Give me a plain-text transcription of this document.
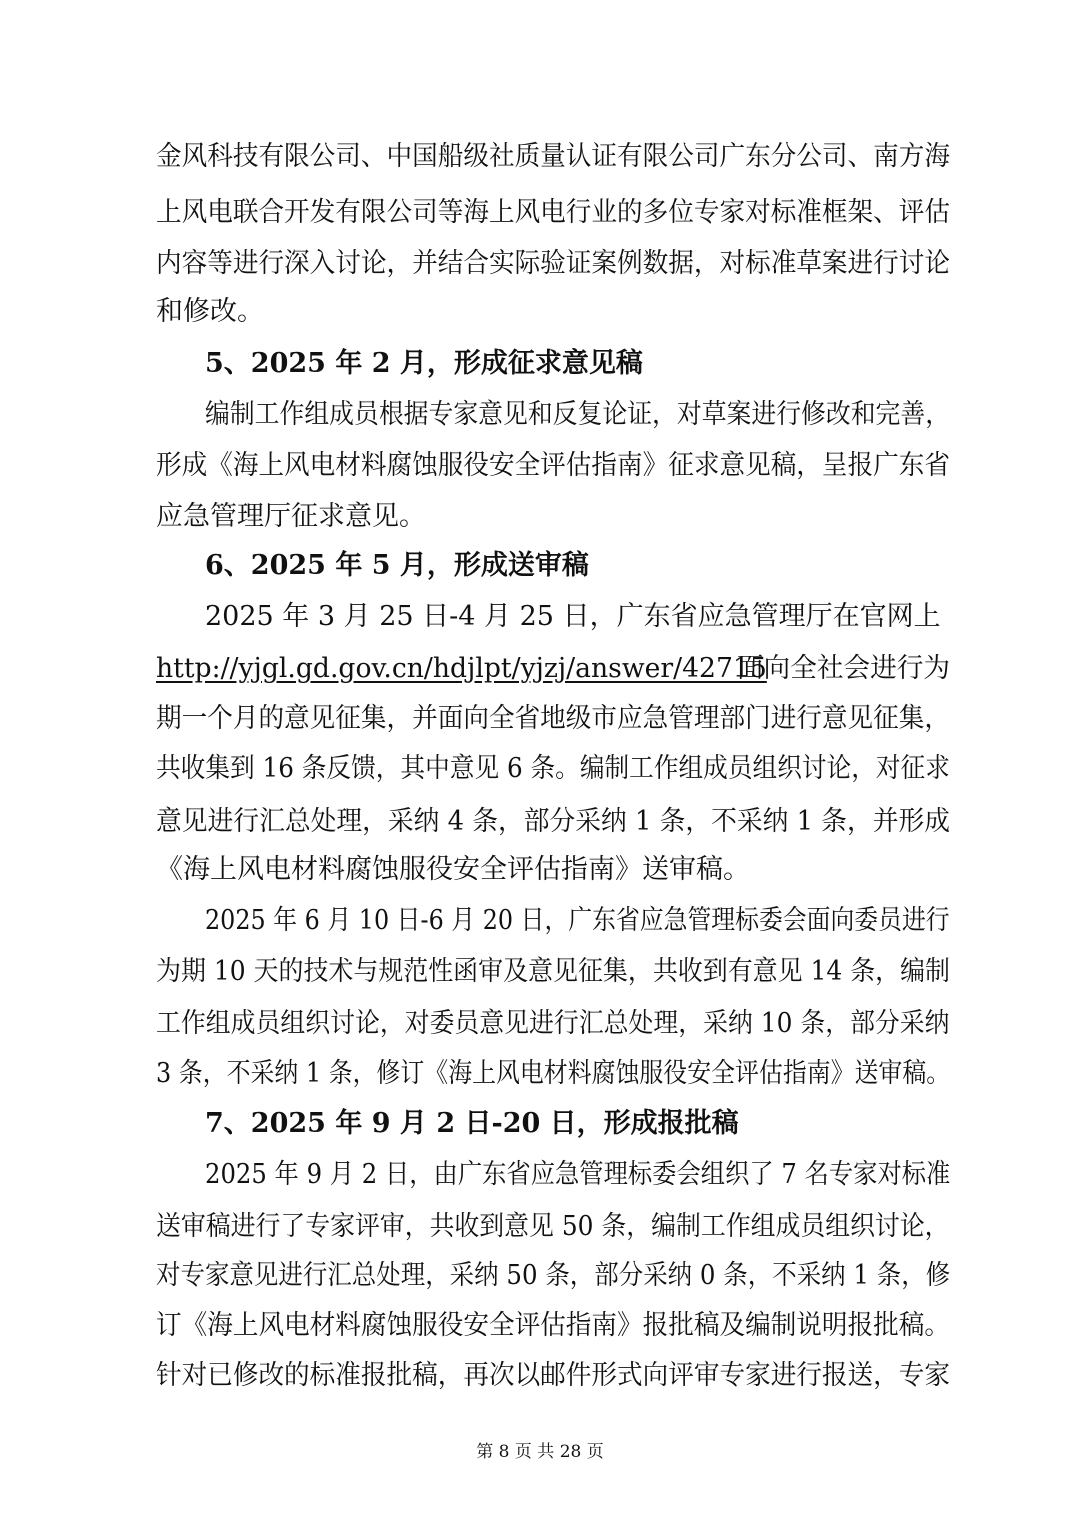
金风科技有限公司、中国船级社质量认证有限公司广东分公司、南方海
上风电联合开发有限公司等海上风电行业的多位专家对标准框架、评估
内容等进行深入讨论，并结合实际验证案例数据，对标准草案进行讨论
和修改。
5、2025 年 2 月，形成征求意见稿
编制工作组成员根据专家意见和反复论证，对草案进行修改和完善，
形成《海上风电材料腐蚀服役安全评估指南》征求意见稿，呈报广东省
应急管理厅征求意见。
6、2025 年 5 月，形成送审稿
2025 年 3 月 25 日-4 月 25 日，广东省应急管理厅在官网上
http://yjgl.gd.gov.cn/hdjlpt/yjzj/answer/42715
面向全社会进行为
期一个月的意见征集，并面向全省地级市应急管理部门进行意见征集，
共收集到 16 条反馈，其中意见 6 条。编制工作组成员组织讨论，对征求
意见进行汇总处理，采纳 4 条，部分采纳 1 条，不采纳 1 条，并形成
《海上风电材料腐蚀服役安全评估指南》送审稿。
2025 年 6 月 10 日-6 月 20 日，广东省应急管理标委会面向委员进行
为期 10 天的技术与规范性函审及意见征集，共收到有意见 14 条，编制
工作组成员组织讨论，对委员意见进行汇总处理，采纳 10 条，部分采纳
3 条，不采纳 1 条，修订《海上风电材料腐蚀服役安全评估指南》送审稿。
7、2025 年 9 月 2 日-20 日，形成报批稿
2025 年 9 月 2 日，由广东省应急管理标委会组织了 7 名专家对标准
送审稿进行了专家评审，共收到意见 50 条，编制工作组成员组织讨论，
对专家意见进行汇总处理，采纳 50 条，部分采纳 0 条，不采纳 1 条，修
订《海上风电材料腐蚀服役安全评估指南》报批稿及编制说明报批稿。
针对已修改的标准报批稿，再次以邮件形式向评审专家进行报送，专家
第 8 页 共 28 页
